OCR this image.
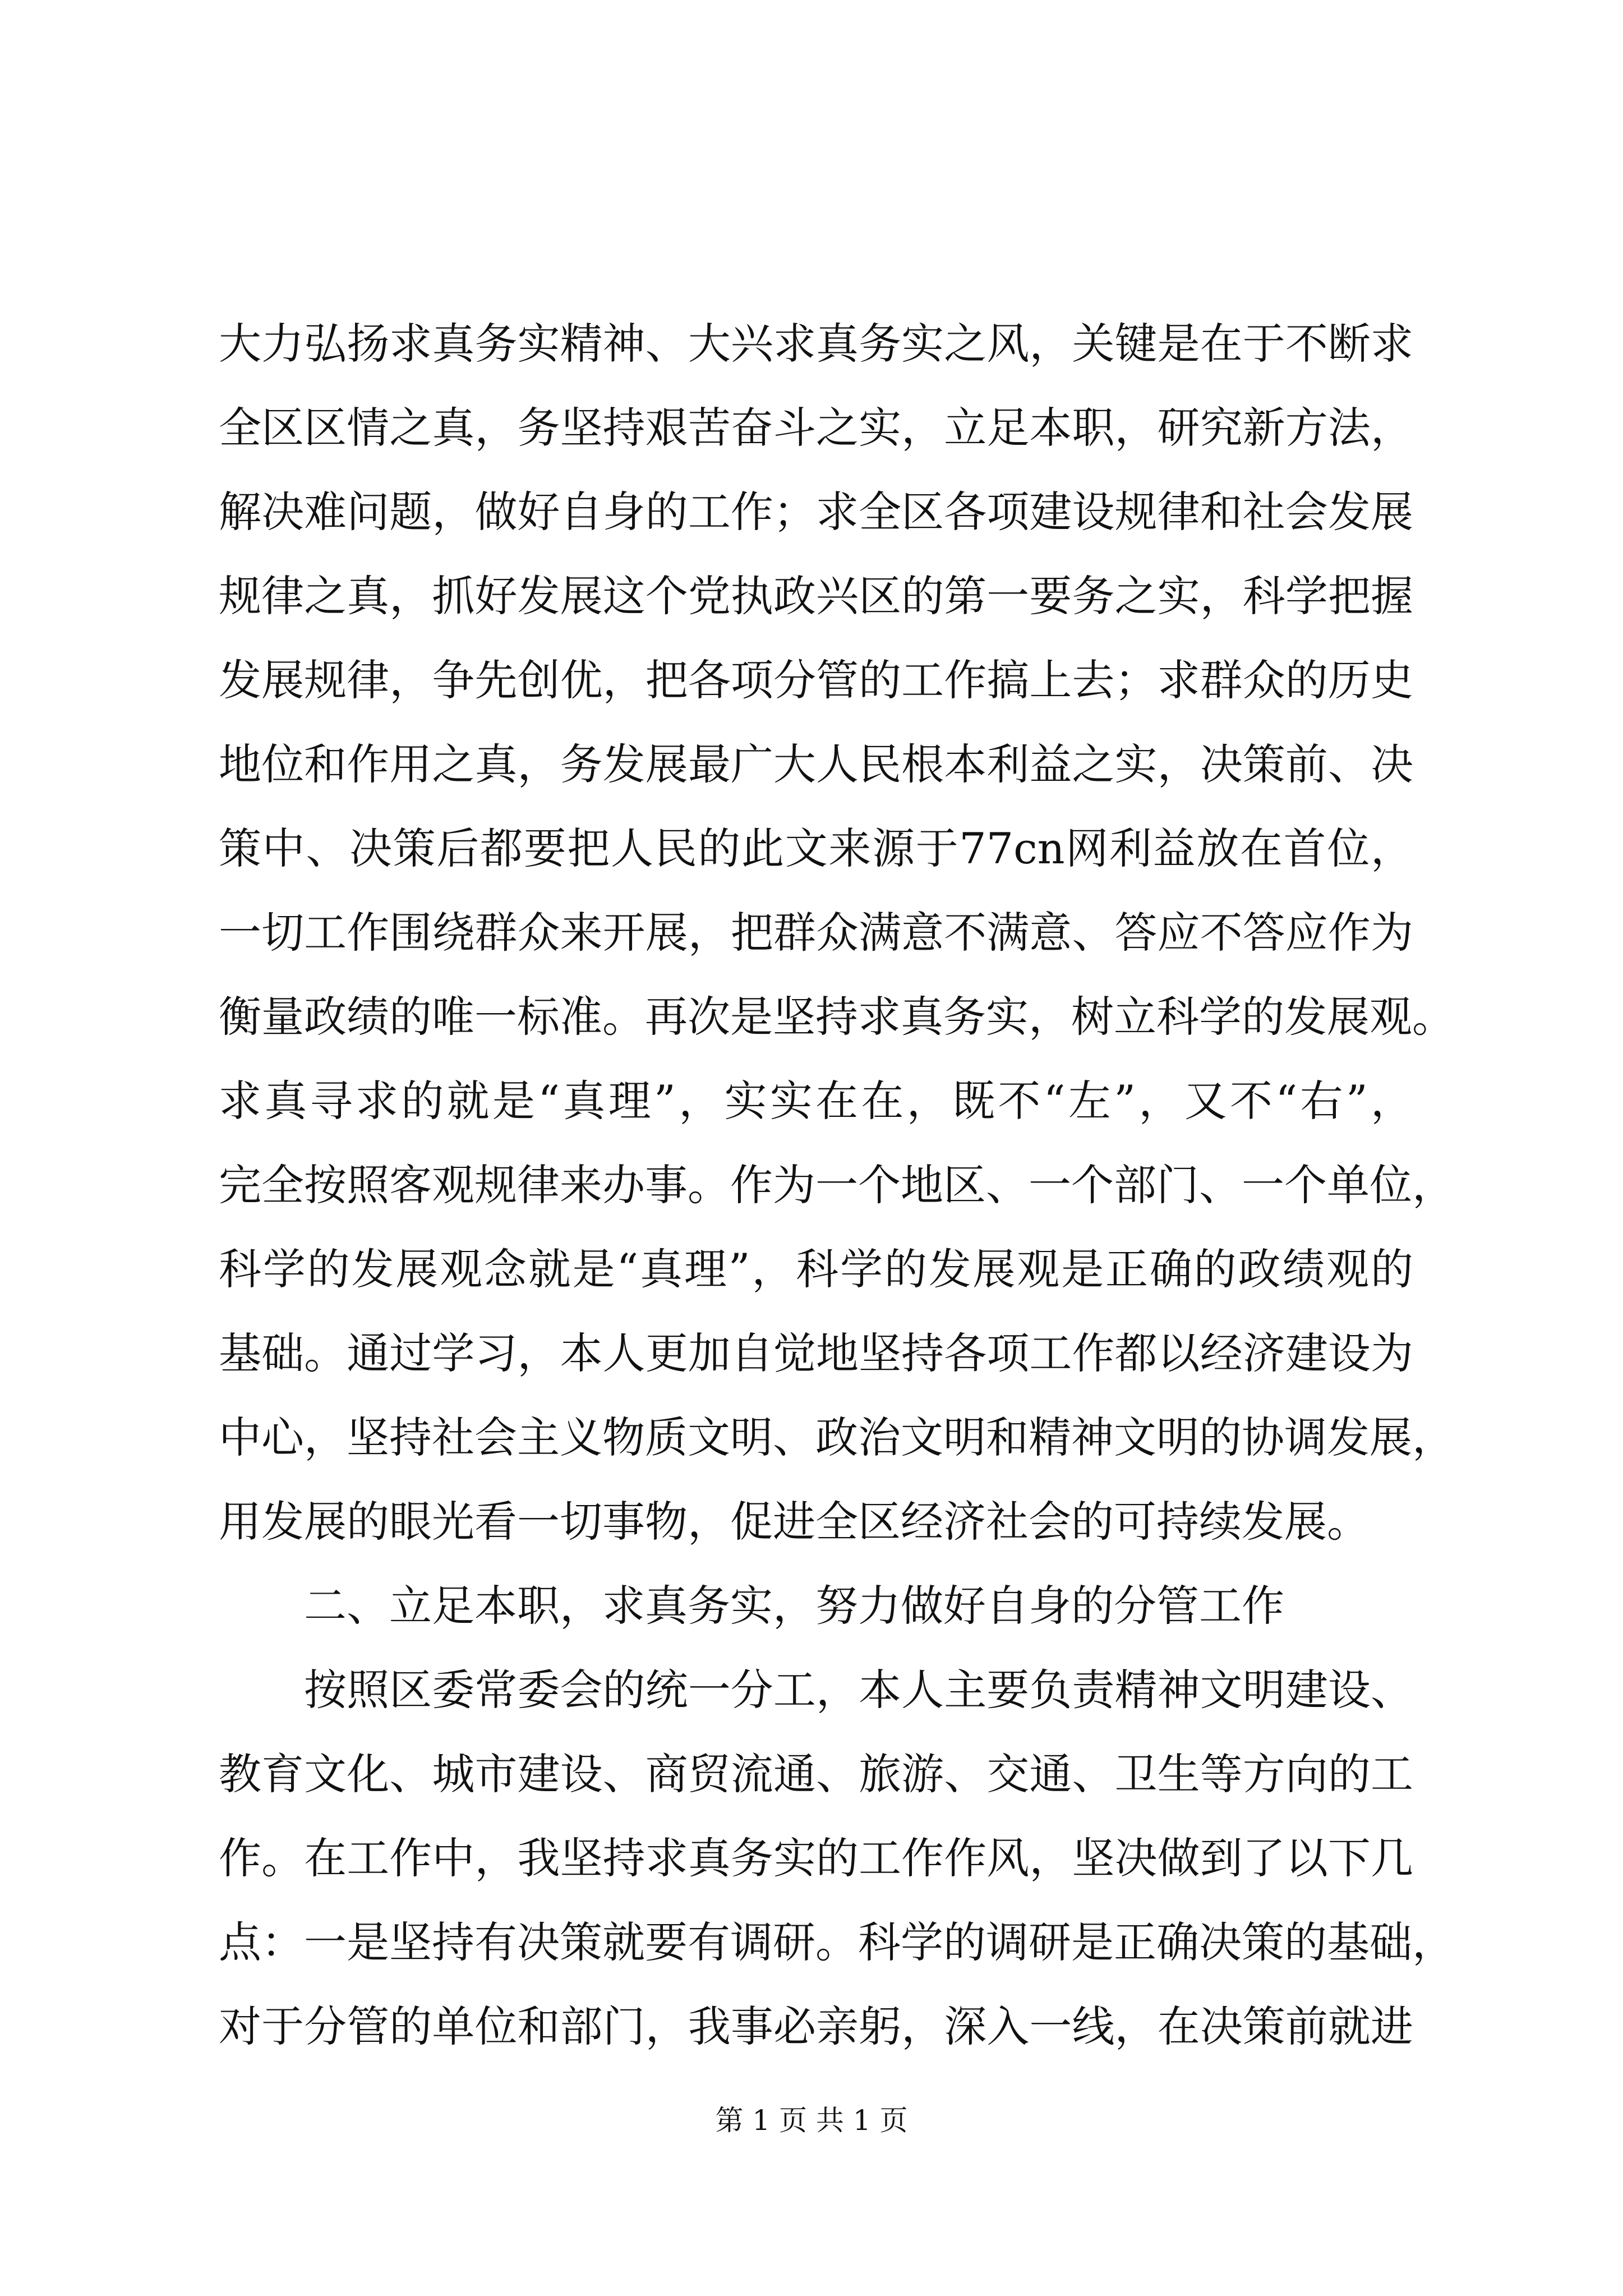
大力弘扬求真务实精神、大兴求真务实之风，关键是在于不断求
全区区情之真，务坚持艰苦奋斗之实，立足本职，研究新方法，
解决难问题，做好自身的工作；求全区各项建设规律和社会发展
规律之真，抓好发展这个党执政兴区的第一要务之实，科学把握
发展规律，争先创优，把各项分管的工作搞上去；求群众的历史
地位和作用之真，务发展最广大人民根本利益之实，决策前、决
策中、决策后都要把人民的此文来源于77cn网利益放在首位，
一切工作围绕群众来开展，把群众满意不满意、答应不答应作为
衡量政绩的唯一标准。再次是坚持求真务实，树立科学的发展观。
求真寻求的就是“真理”，实实在在，既不“左”，又不“右”，
完全按照客观规律来办事。作为一个地区、一个部门、一个单位，
科学的发展观念就是“真理”，科学的发展观是正确的政绩观的
基础。通过学习，本人更加自觉地坚持各项工作都以经济建设为
中心，坚持社会主义物质文明、政治文明和精神文明的协调发展，
用发展的眼光看一切事物，促进全区经济社会的可持续发展。
二、立足本职，求真务实，努力做好自身的分管工作
按照区委常委会的统一分工，本人主要负责精神文明建设、
教育文化、城市建设、商贸流通、旅游、交通、卫生等方向的工
作。在工作中，我坚持求真务实的工作作风，坚决做到了以下几
点：一是坚持有决策就要有调研。科学的调研是正确决策的基础，
对于分管的单位和部门，我事必亲躬，深入一线，在决策前就进
第 1 页 共 1 页
